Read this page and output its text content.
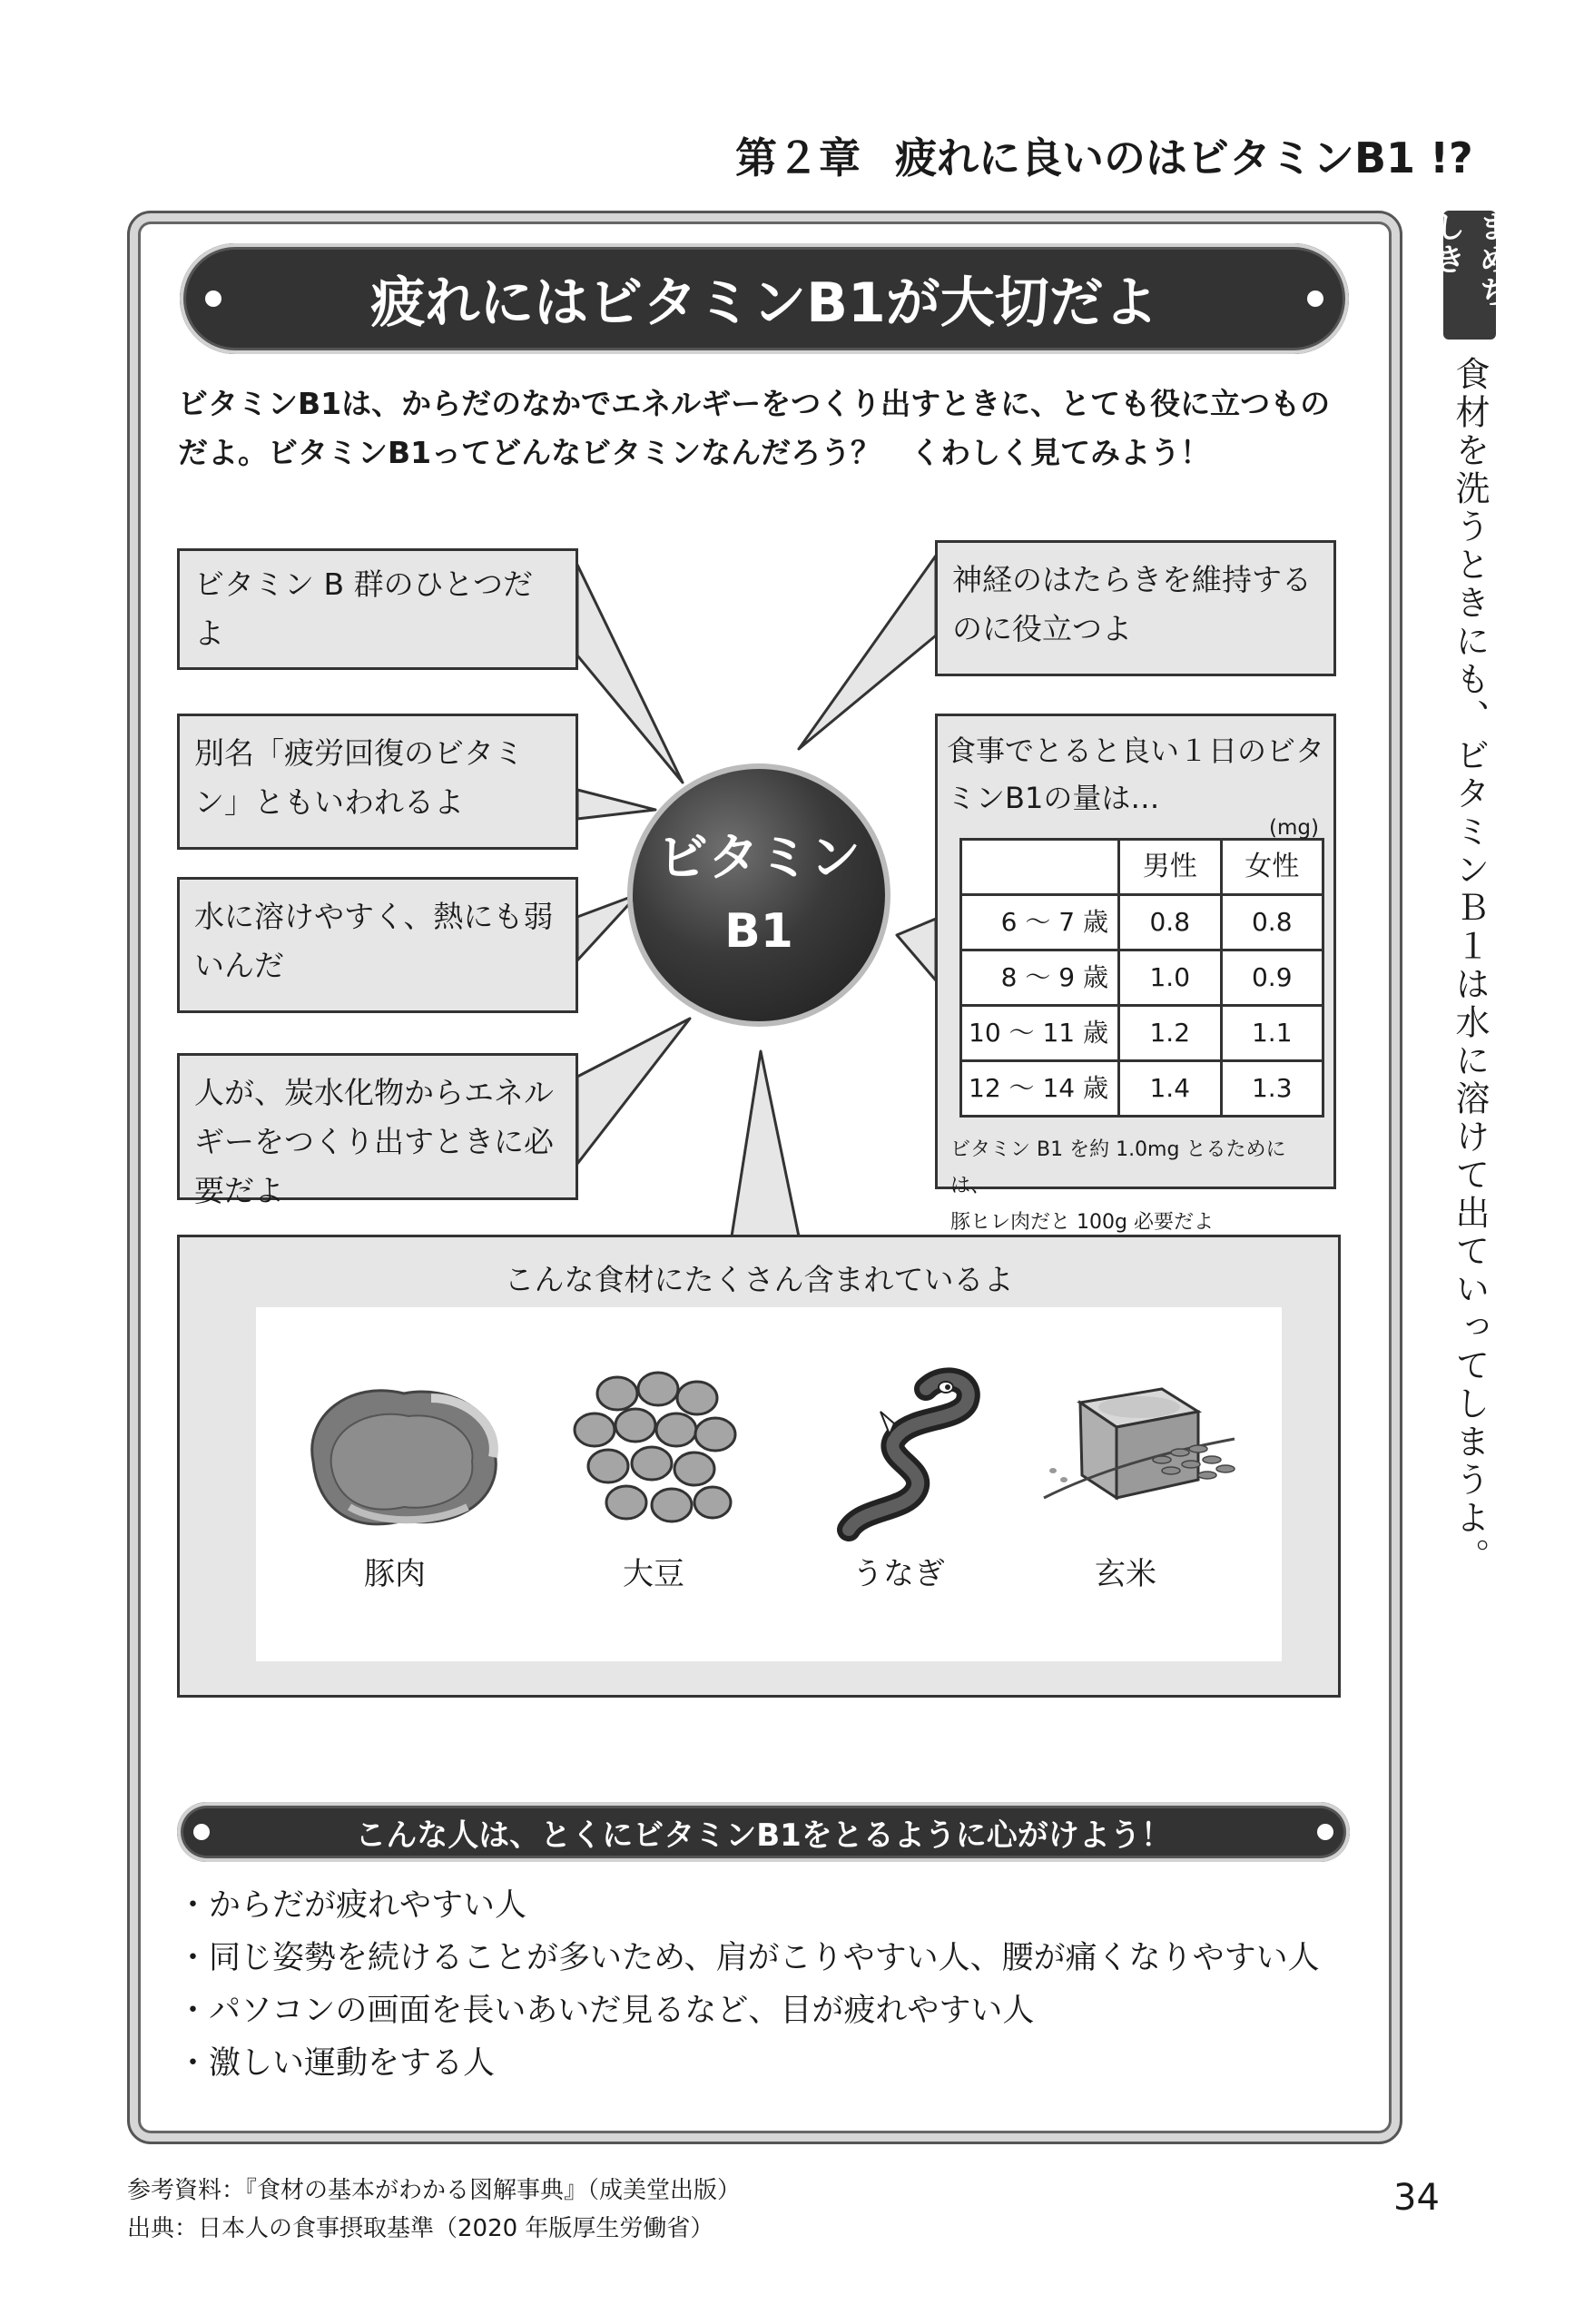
第２章 疲れに良いのはビタミンB1 !?
まめちしき
食材を洗うときにも、ビタミンＢ１は水に溶けて出ていってしまうよ。
疲れにはビタミンB1が大切だよ
ビタミンB1は、からだのなかでエネルギーをつくり出すときに、とても役に立つものだよ。ビタミンB1ってどんなビタミンなんだろう？　くわしく見てみよう！
ビタミン B 群のひとつだよ
別名「疲労回復のビタミン」ともいわれるよ
水に溶けやすく、熱にも弱いんだ
人が、炭水化物からエネルギーをつくり出すときに必要だよ
神経のはたらきを維持するのに役立つよ
食事でとると良い１日のビタミンB1の量は…
(mg)
	男性	女性
6 ～ 7 歳	0.8	0.8
8 ～ 9 歳	1.0	0.9
10 ～ 11 歳	1.2	1.1
12 ～ 14 歳	1.4	1.3
ビタミン B1 を約 1.0mg とるためには、
豚ヒレ肉だと 100g 必要だよ
ビタミン
B1
こんな食材にたくさん含まれているよ
豚肉	大豆	うなぎ	玄米
こんな人は、とくにビタミンB1をとるように心がけよう！
・ からだが疲れやすい人
・ 同じ姿勢を続けることが多いため、肩がこりやすい人、腰が痛くなりやすい人
・ パソコンの画面を長いあいだ見るなど、目が疲れやすい人
・ 激しい運動をする人
参考資料：『食材の基本がわかる図解事典』（成美堂出版）
出典：日本人の食事摂取基準（2020 年版厚生労働省）
34
